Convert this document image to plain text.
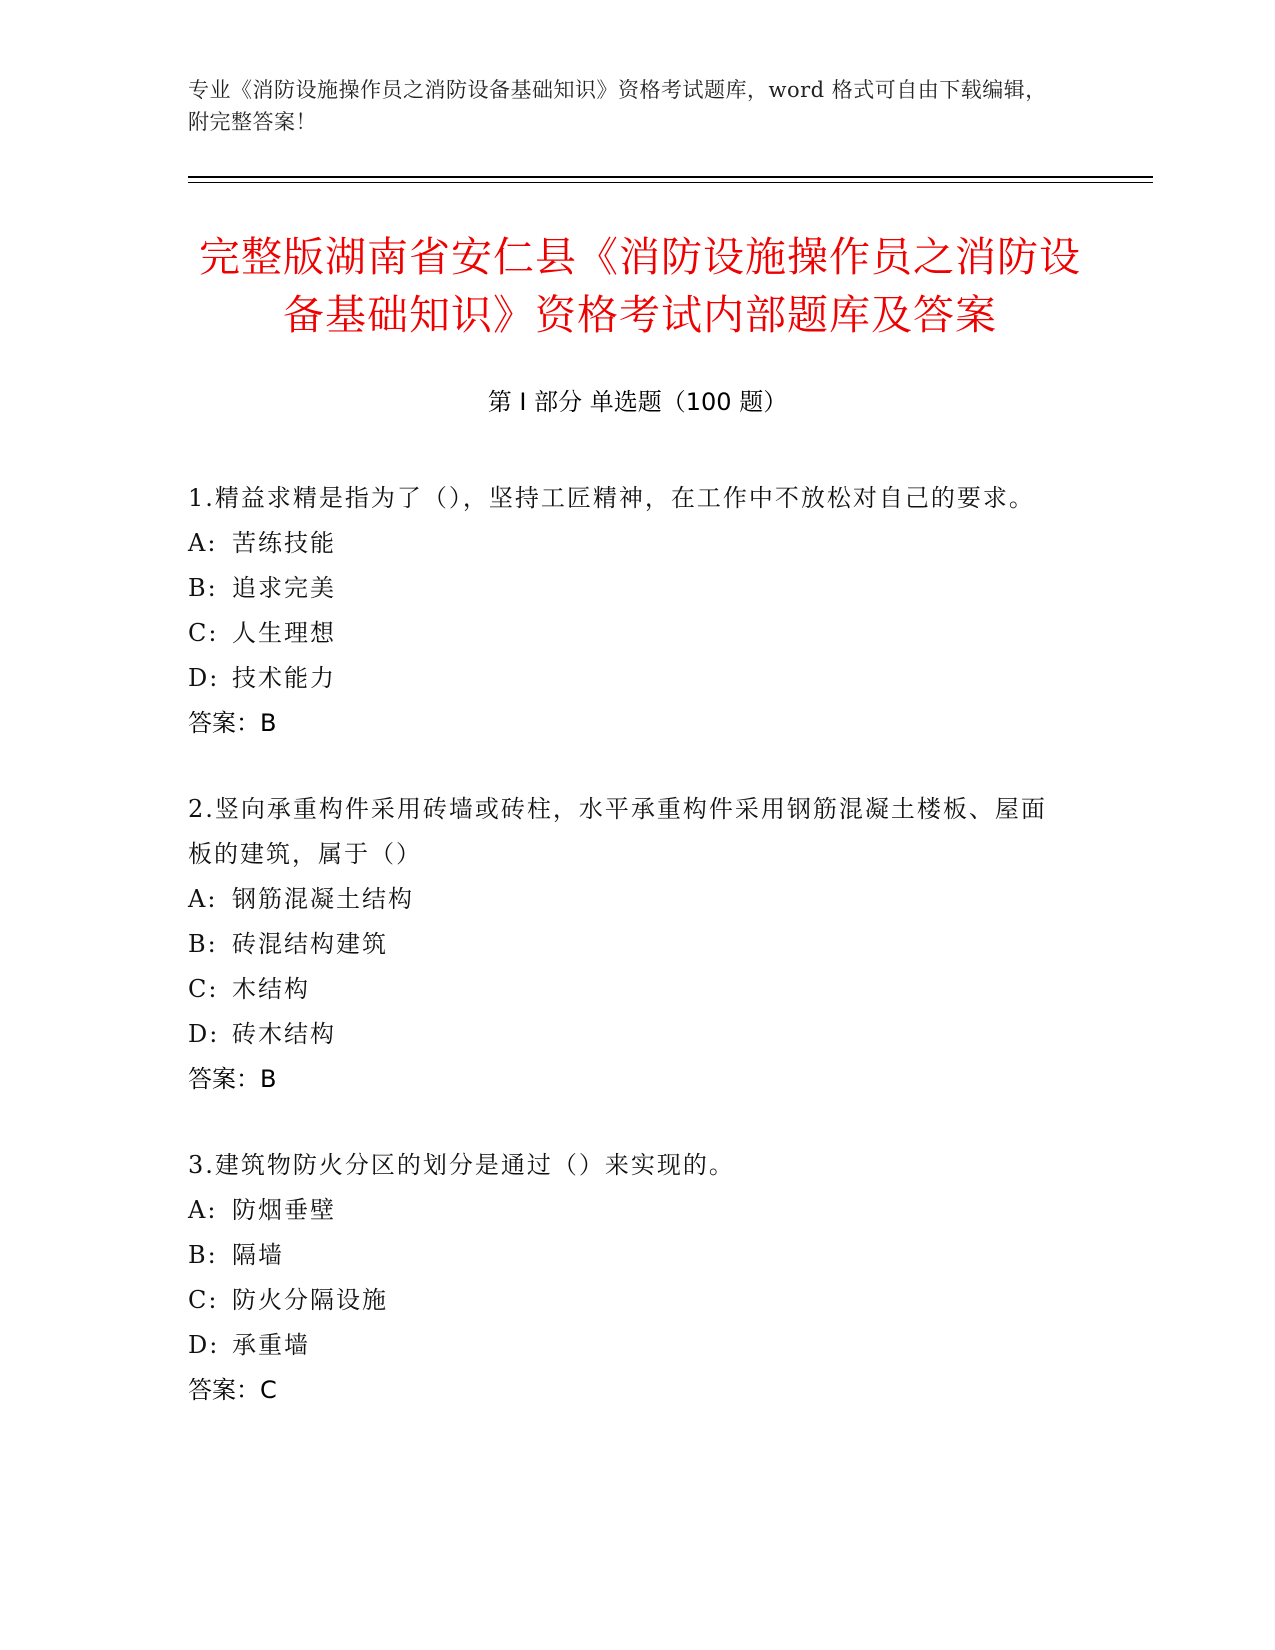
专业《消防设施操作员之消防设备基础知识》资格考试题库，word 格式可自由下载编辑，附完整答案！
完整版湖南省安仁县《消防设施操作员之消防设备基础知识》资格考试内部题库及答案
第 I 部分 单选题（100 题）
1.精益求精是指为了（），坚持工匠精神，在工作中不放松对自己的要求。
A: 苦练技能
B: 追求完美
C: 人生理想
D: 技术能力
答案：B
2.竖向承重构件采用砖墙或砖柱，水平承重构件采用钢筋混凝土楼板、屋面板的建筑，属于（）
A: 钢筋混凝土结构
B: 砖混结构建筑
C: 木结构
D: 砖木结构
答案：B
3.建筑物防火分区的划分是通过（）来实现的。
A: 防烟垂壁
B: 隔墙
C: 防火分隔设施
D: 承重墙
答案：C
